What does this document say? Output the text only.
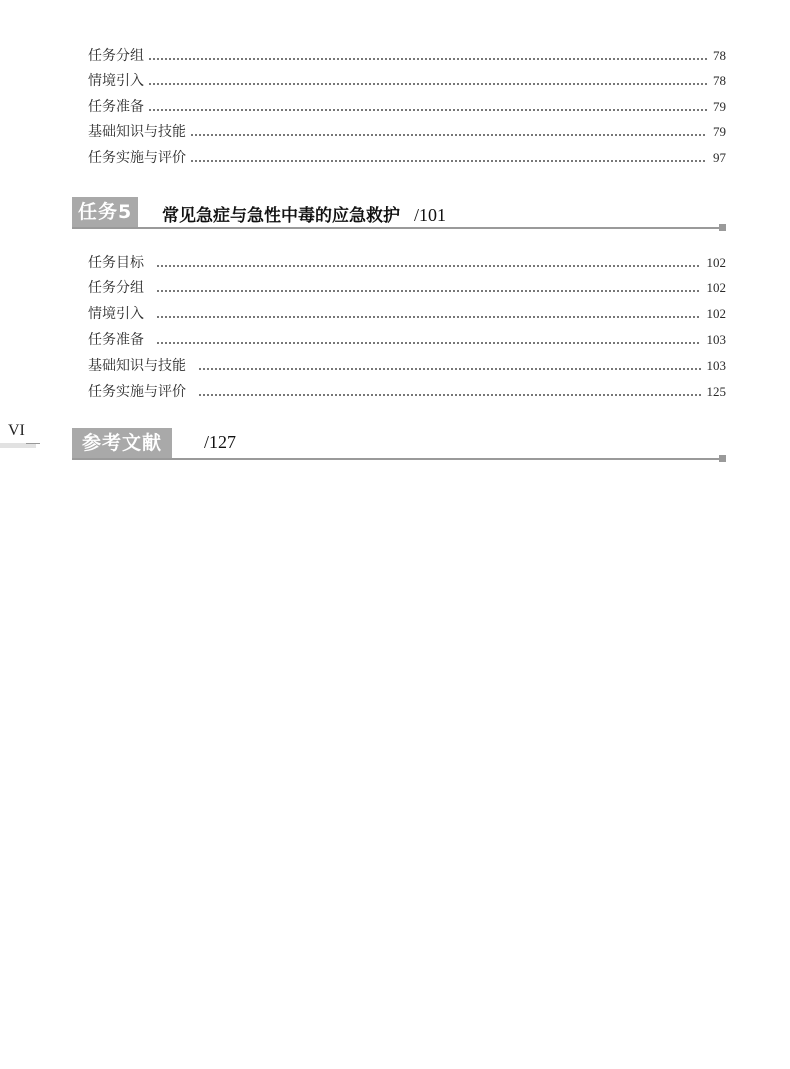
任务分组	78
情境引入	78
任务准备	79
基础知识与技能	79
任务实施与评价	97
任务5	常见急症与急性中毒的应急救护 /101
任务目标	102
任务分组	102
情境引入	102
任务准备	103
基础知识与技能	103
任务实施与评价	125
VI
参考文献	/127
